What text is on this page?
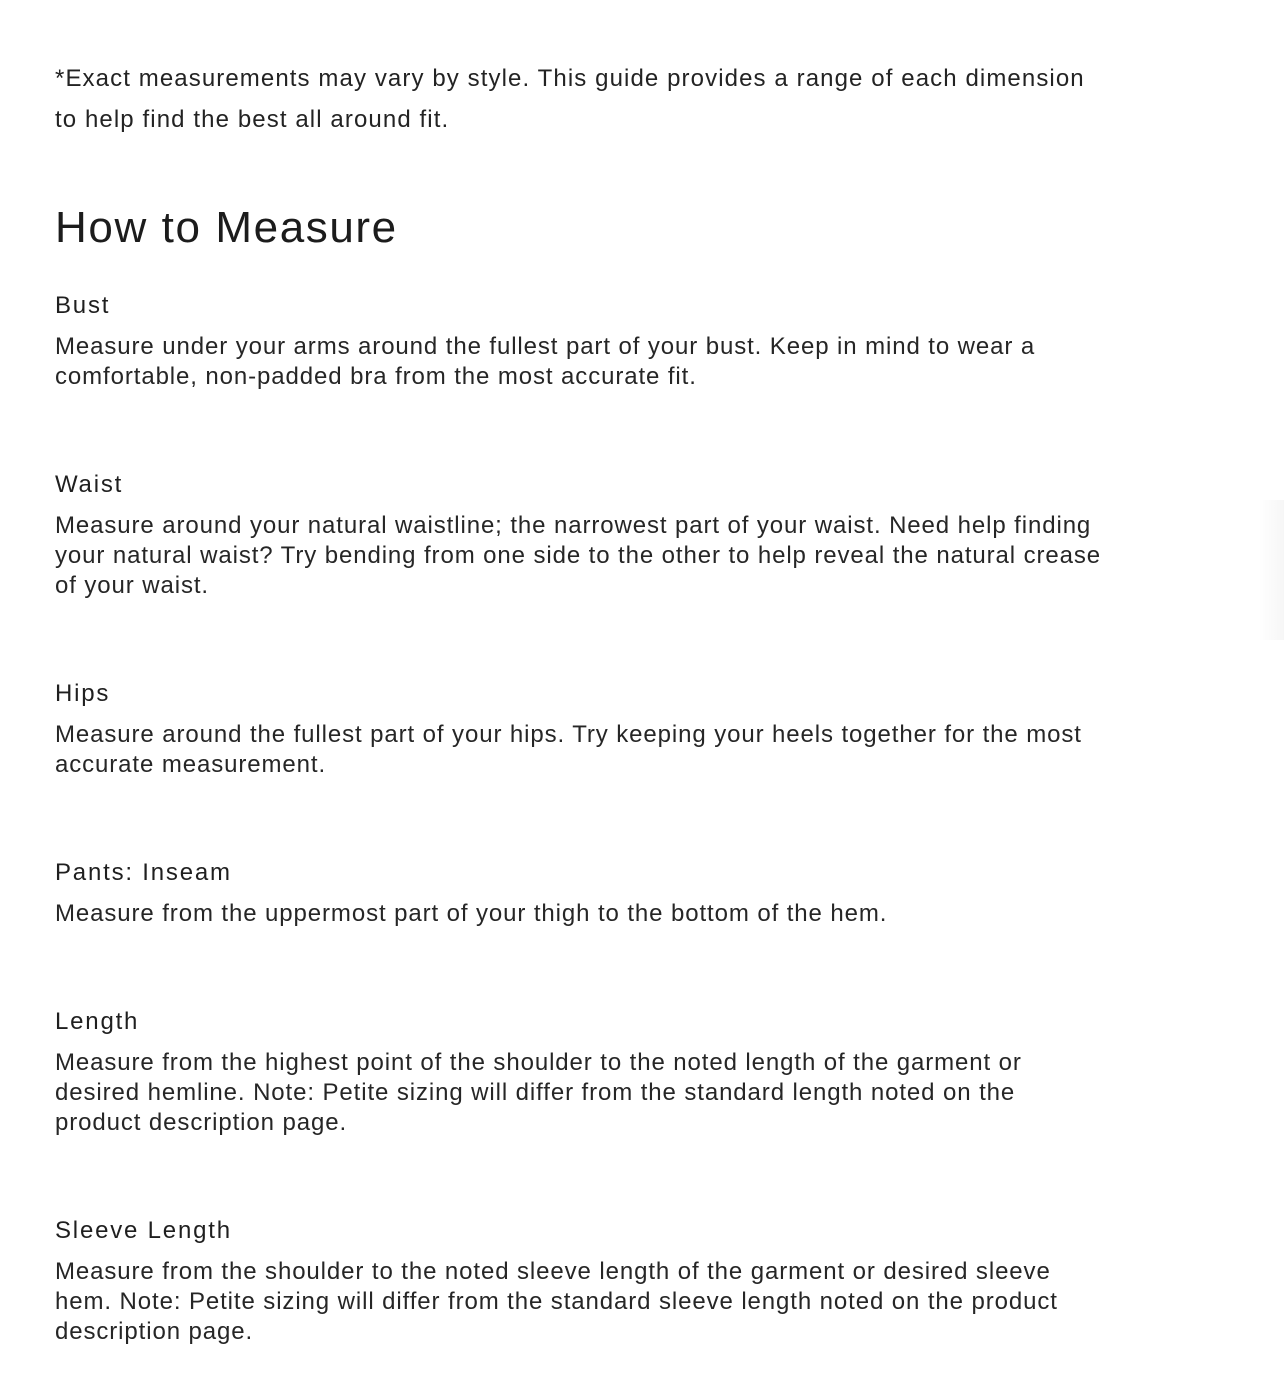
*Exact measurements may vary by style. This guide provides a range of each dimension
to help find the best all around fit.
How to Measure
Bust
Measure under your arms around the fullest part of your bust. Keep in mind to wear a
comfortable, non-padded bra from the most accurate fit.
Waist
Measure around your natural waistline; the narrowest part of your waist. Need help finding
your natural waist? Try bending from one side to the other to help reveal the natural crease
of your waist.
Hips
Measure around the fullest part of your hips. Try keeping your heels together for the most
accurate measurement.
Pants: Inseam
Measure from the uppermost part of your thigh to the bottom of the hem.
Length
Measure from the highest point of the shoulder to the noted length of the garment or
desired hemline. Note: Petite sizing will differ from the standard length noted on the
product description page.
Sleeve Length
Measure from the shoulder to the noted sleeve length of the garment or desired sleeve
hem. Note: Petite sizing will differ from the standard sleeve length noted on the product
description page.
